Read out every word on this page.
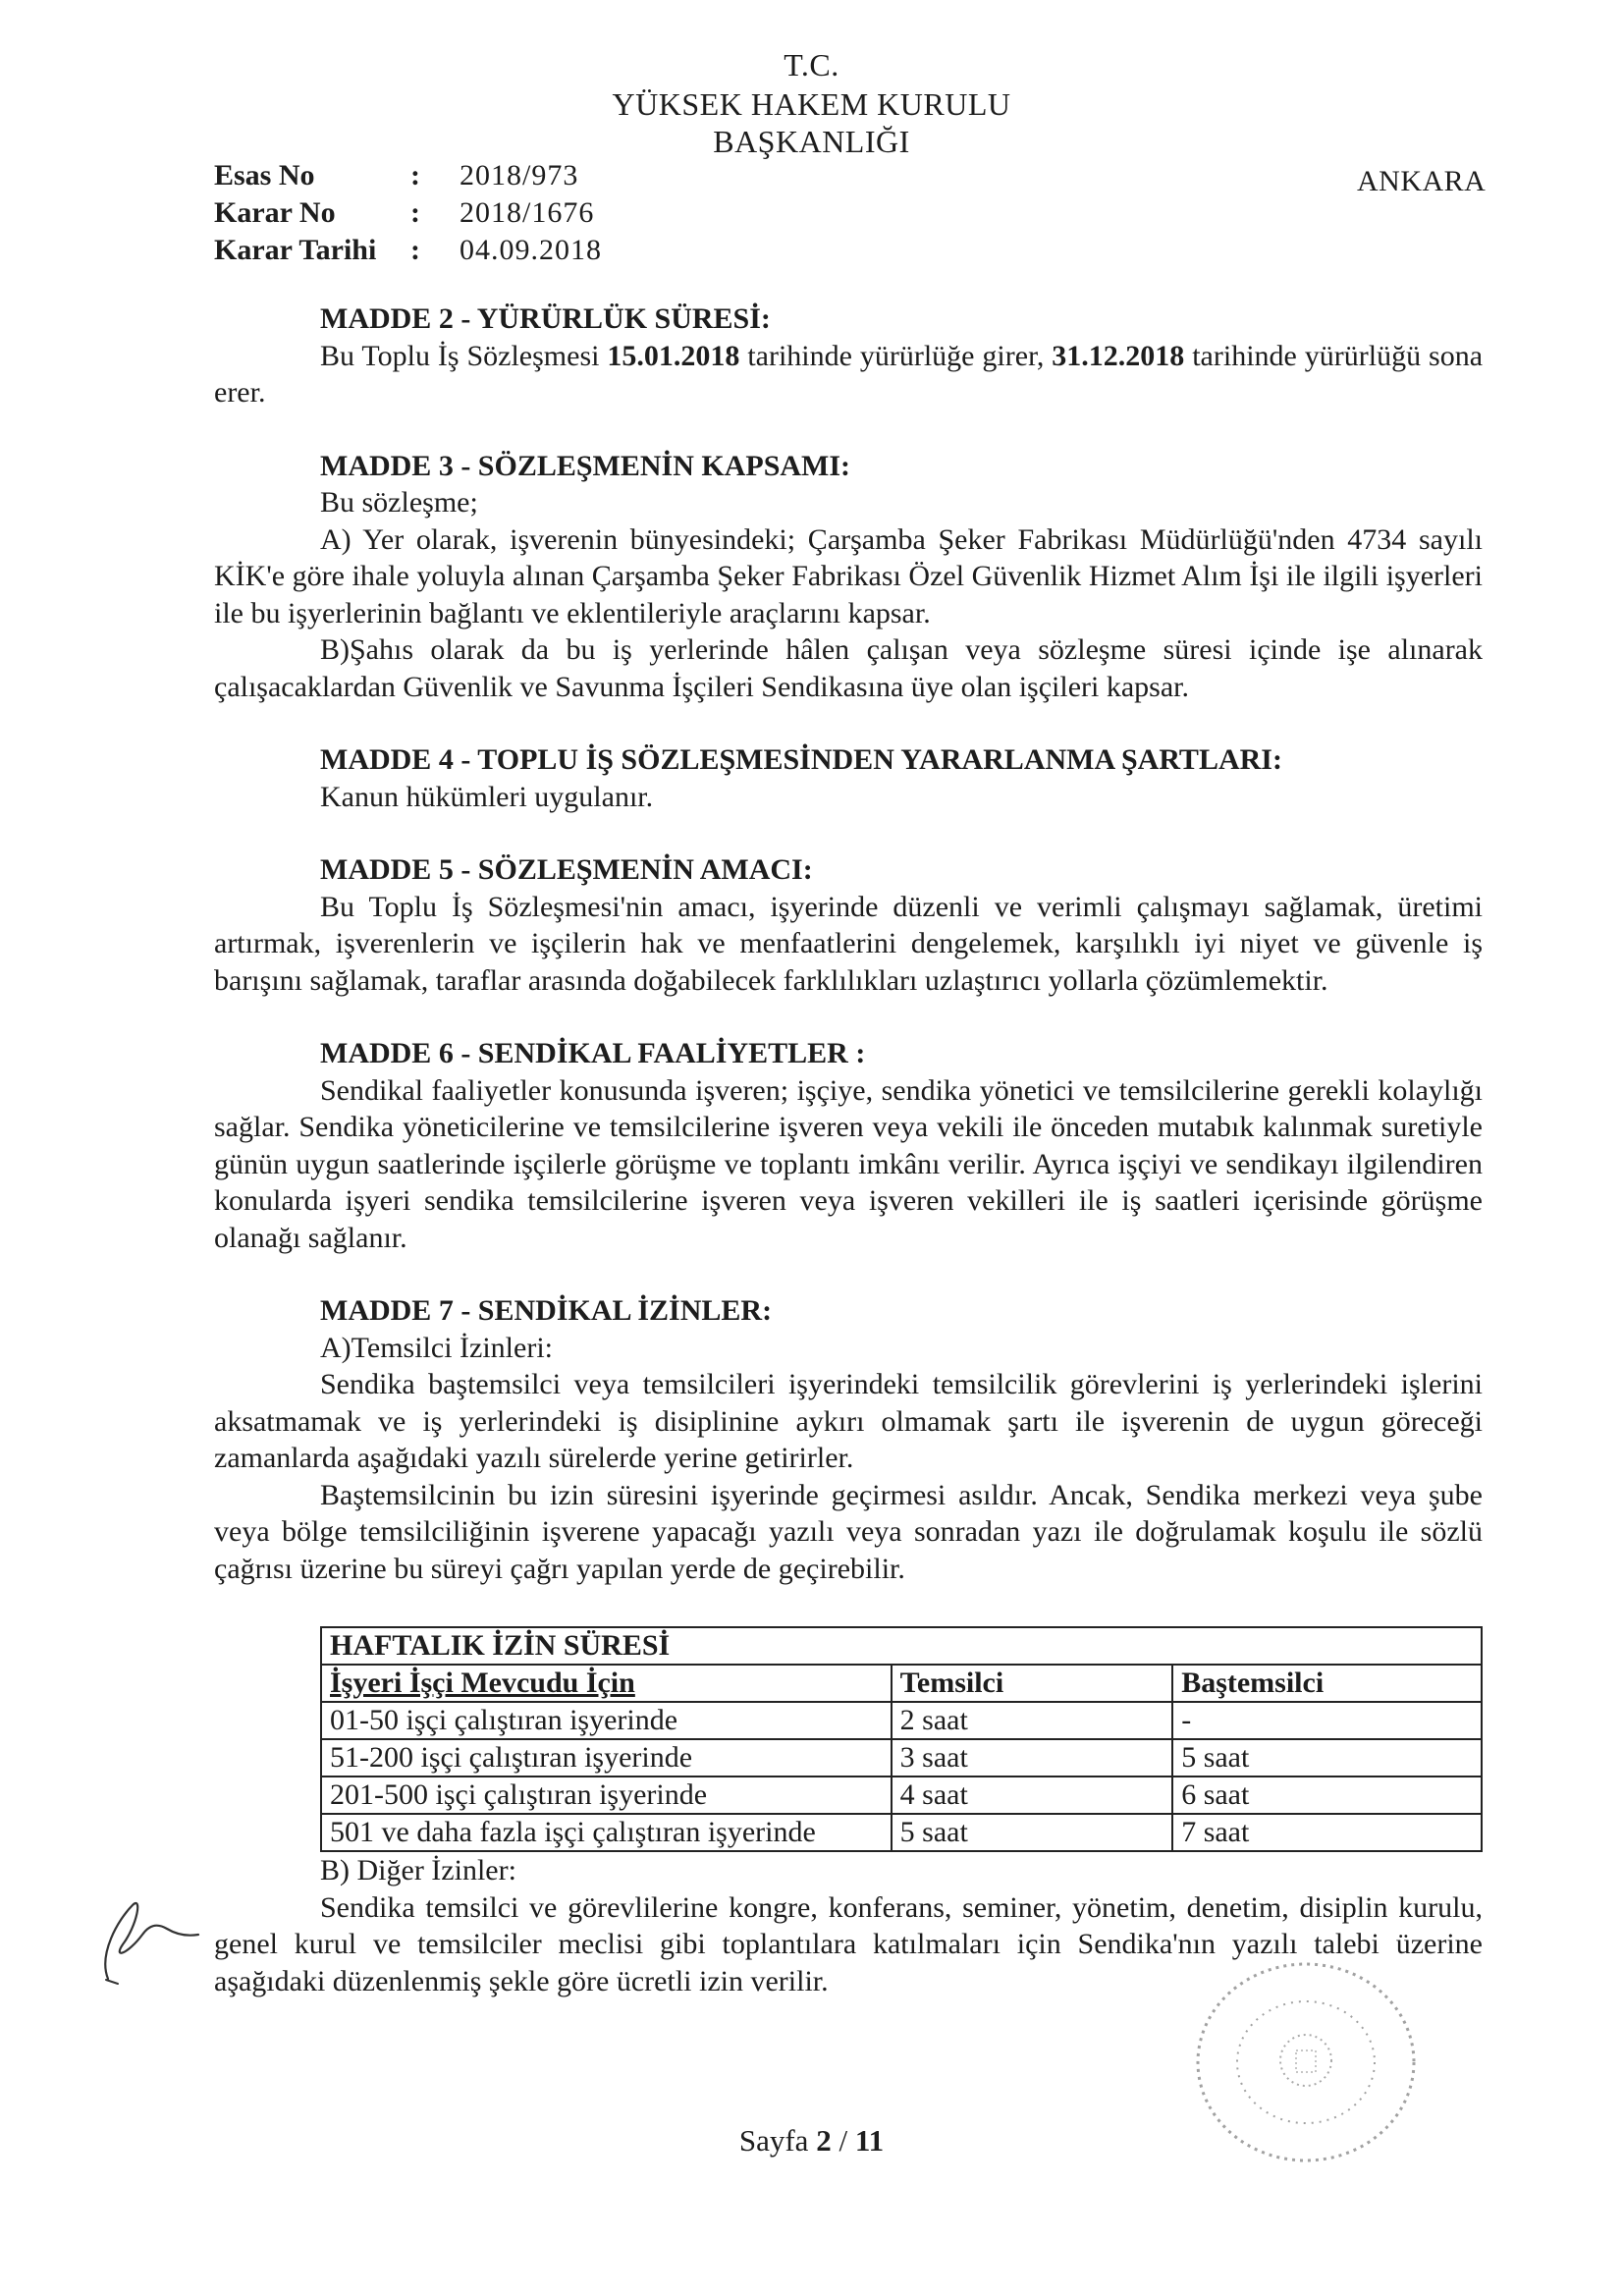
T.C.
YÜKSEK HAKEM KURULU
BAŞKANLIĞI
Esas No	:	2018/973
Karar No	:	2018/1676
Karar Tarihi	:	04.09.2018
ANKARA

MADDE 2 - YÜRÜRLÜK SÜRESİ:

Bu Toplu İş Sözleşmesi 15.01.2018 tarihinde yürürlüğe girer, 31.12.2018 tarihinde yürürlüğü sona erer.

MADDE 3 - SÖZLEŞMENİN KAPSAMI:

Bu sözleşme;

A) Yer olarak, işverenin bünyesindeki; Çarşamba Şeker Fabrikası Müdürlüğü'nden 4734 sayılı KİK'e göre ihale yoluyla alınan Çarşamba Şeker Fabrikası Özel Güvenlik Hizmet Alım İşi ile ilgili işyerleri ile bu işyerlerinin bağlantı ve eklentileriyle araçlarını kapsar.

B)Şahıs olarak da bu iş yerlerinde hâlen çalışan veya sözleşme süresi içinde işe alınarak çalışacaklardan Güvenlik ve Savunma İşçileri Sendikasına üye olan işçileri kapsar.

MADDE 4 - TOPLU İŞ SÖZLEŞMESİNDEN YARARLANMA ŞARTLARI:

Kanun hükümleri uygulanır.

MADDE 5 - SÖZLEŞMENİN AMACI:

Bu Toplu İş Sözleşmesi'nin amacı, işyerinde düzenli ve verimli çalışmayı sağlamak, üretimi artırmak, işverenlerin ve işçilerin hak ve menfaatlerini dengelemek, karşılıklı iyi niyet ve güvenle iş barışını sağlamak, taraflar arasında doğabilecek farklılıkları uzlaştırıcı yollarla çözümlemektir.

MADDE 6 - SENDİKAL FAALİYETLER :

Sendikal faaliyetler konusunda işveren; işçiye, sendika yönetici ve temsilcilerine gerekli kolaylığı sağlar. Sendika yöneticilerine ve temsilcilerine işveren veya vekili ile önceden mutabık kalınmak suretiyle günün uygun saatlerinde işçilerle görüşme ve toplantı imkânı verilir. Ayrıca işçiyi ve sendikayı ilgilendiren konularda işyeri sendika temsilcilerine işveren veya işveren vekilleri ile iş saatleri içerisinde görüşme olanağı sağlanır.

MADDE 7 - SENDİKAL İZİNLER:

A)Temsilci İzinleri:

Sendika baştemsilci veya temsilcileri işyerindeki temsilcilik görevlerini iş yerlerindeki işlerini aksatmamak ve iş yerlerindeki iş disiplinine aykırı olmamak şartı ile işverenin de uygun göreceği zamanlarda aşağıdaki yazılı sürelerde yerine getirirler.

Baştemsilcinin bu izin süresini işyerinde geçirmesi asıldır. Ancak, Sendika merkezi veya şube veya bölge temsilciliğinin işverene yapacağı yazılı veya sonradan yazı ile doğrulamak koşulu ile sözlü çağrısı üzerine bu süreyi çağrı yapılan yerde de geçirebilir.

HAFTALIK İZİN SÜRESİ		
İşyeri İşçi Mevcudu İçin	Temsilci	Baştemsilci
01-50 işçi çalıştıran işyerinde	2 saat	-
51-200 işçi çalıştıran işyerinde	3 saat	5 saat
201-500 işçi çalıştıran işyerinde	4 saat	6 saat
501 ve daha fazla işçi çalıştıran işyerinde	5 saat	7 saat

B) Diğer İzinler:

Sendika temsilci ve görevlilerine kongre, konferans, seminer, yönetim, denetim, disiplin kurulu, genel kurul ve temsilciler meclisi gibi toplantılara katılmaları için Sendika'nın yazılı talebi üzerine aşağıdaki düzenlenmiş şekle göre ücretli izin verilir.

Sayfa 2 / 11
